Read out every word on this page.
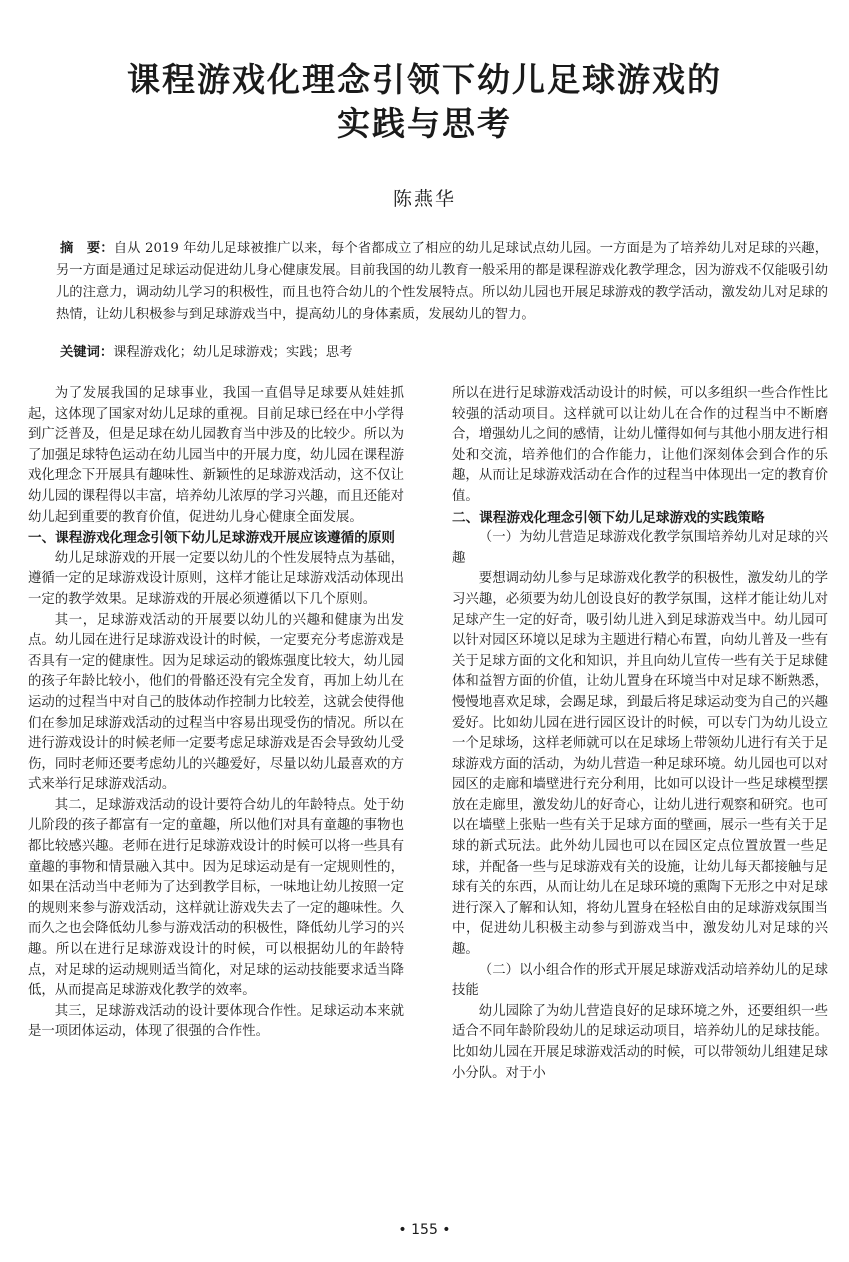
课程游戏化理念引领下幼儿足球游戏的
实践与思考

陈燕华

摘　要：自从 2019 年幼儿足球被推广以来，每个省都成立了相应的幼儿足球试点幼儿园。一方面是为了培养幼儿对足球的兴趣，另一方面是通过足球运动促进幼儿身心健康发展。目前我国的幼儿教育一般采用的都是课程游戏化教学理念，因为游戏不仅能吸引幼儿的注意力，调动幼儿学习的积极性，而且也符合幼儿的个性发展特点。所以幼儿园也开展足球游戏的教学活动，激发幼儿对足球的热情，让幼儿积极参与到足球游戏当中，提高幼儿的身体素质，发展幼儿的智力。

关键词：课程游戏化；幼儿足球游戏；实践；思考

为了发展我国的足球事业，我国一直倡导足球要从娃娃抓起，这体现了国家对幼儿足球的重视。目前足球已经在中小学得到广泛普及，但是足球在幼儿园教育当中涉及的比较少。所以为了加强足球特色运动在幼儿园当中的开展力度，幼儿园在课程游戏化理念下开展具有趣味性、新颖性的足球游戏活动，这不仅让幼儿园的课程得以丰富，培养幼儿浓厚的学习兴趣，而且还能对幼儿起到重要的教育价值，促进幼儿身心健康全面发展。

一、课程游戏化理念引领下幼儿足球游戏开展应该遵循的原则

幼儿足球游戏的开展一定要以幼儿的个性发展特点为基础，遵循一定的足球游戏设计原则，这样才能让足球游戏活动体现出一定的教学效果。足球游戏的开展必须遵循以下几个原则。

其一，足球游戏活动的开展要以幼儿的兴趣和健康为出发点。幼儿园在进行足球游戏设计的时候，一定要充分考虑游戏是否具有一定的健康性。因为足球运动的锻炼强度比较大，幼儿园的孩子年龄比较小，他们的骨骼还没有完全发育，再加上幼儿在运动的过程当中对自己的肢体动作控制力比较差，这就会使得他们在参加足球游戏活动的过程当中容易出现受伤的情况。所以在进行游戏设计的时候老师一定要考虑足球游戏是否会导致幼儿受伤，同时老师还要考虑幼儿的兴趣爱好，尽量以幼儿最喜欢的方式来举行足球游戏活动。

其二，足球游戏活动的设计要符合幼儿的年龄特点。处于幼儿阶段的孩子都富有一定的童趣，所以他们对具有童趣的事物也都比较感兴趣。老师在进行足球游戏设计的时候可以将一些具有童趣的事物和情景融入其中。因为足球运动是有一定规则性的，如果在活动当中老师为了达到教学目标，一味地让幼儿按照一定的规则来参与游戏活动，这样就让游戏失去了一定的趣味性。久而久之也会降低幼儿参与游戏活动的积极性，降低幼儿学习的兴趣。所以在进行足球游戏设计的时候，可以根据幼儿的年龄特点，对足球的运动规则适当简化，对足球的运动技能要求适当降低，从而提高足球游戏化教学的效率。

其三，足球游戏活动的设计要体现合作性。足球运动本来就是一项团体运动，体现了很强的合作性。

所以在进行足球游戏活动设计的时候，可以多组织一些合作性比较强的活动项目。这样就可以让幼儿在合作的过程当中不断磨合，增强幼儿之间的感情，让幼儿懂得如何与其他小朋友进行相处和交流，培养他们的合作能力，让他们深刻体会到合作的乐趣，从而让足球游戏活动在合作的过程当中体现出一定的教育价值。

二、课程游戏化理念引领下幼儿足球游戏的实践策略
（一）为幼儿营造足球游戏化教学氛围培养幼儿对足球的兴趣

要想调动幼儿参与足球游戏化教学的积极性，激发幼儿的学习兴趣，必须要为幼儿创设良好的教学氛围，这样才能让幼儿对足球产生一定的好奇，吸引幼儿进入到足球游戏当中。幼儿园可以针对园区环境以足球为主题进行精心布置，向幼儿普及一些有关于足球方面的文化和知识，并且向幼儿宣传一些有关于足球健体和益智方面的价值，让幼儿置身在环境当中对足球不断熟悉，慢慢地喜欢足球，会踢足球，到最后将足球运动变为自己的兴趣爱好。比如幼儿园在进行园区设计的时候，可以专门为幼儿设立一个足球场，这样老师就可以在足球场上带领幼儿进行有关于足球游戏方面的活动，为幼儿营造一种足球环境。幼儿园也可以对园区的走廊和墙壁进行充分利用，比如可以设计一些足球模型摆放在走廊里，激发幼儿的好奇心，让幼儿进行观察和研究。也可以在墙壁上张贴一些有关于足球方面的壁画，展示一些有关于足球的新式玩法。此外幼儿园也可以在园区定点位置放置一些足球，并配备一些与足球游戏有关的设施，让幼儿每天都接触与足球有关的东西，从而让幼儿在足球环境的熏陶下无形之中对足球进行深入了解和认知，将幼儿置身在轻松自由的足球游戏氛围当中，促进幼儿积极主动参与到游戏当中，激发幼儿对足球的兴趣。

（二）以小组合作的形式开展足球游戏活动培养幼儿的足球技能

幼儿园除了为幼儿营造良好的足球环境之外，还要组织一些适合不同年龄阶段幼儿的足球运动项目，培养幼儿的足球技能。比如幼儿园在开展足球游戏活动的时候，可以带领幼儿组建足球小分队。对于小

• 155 •
